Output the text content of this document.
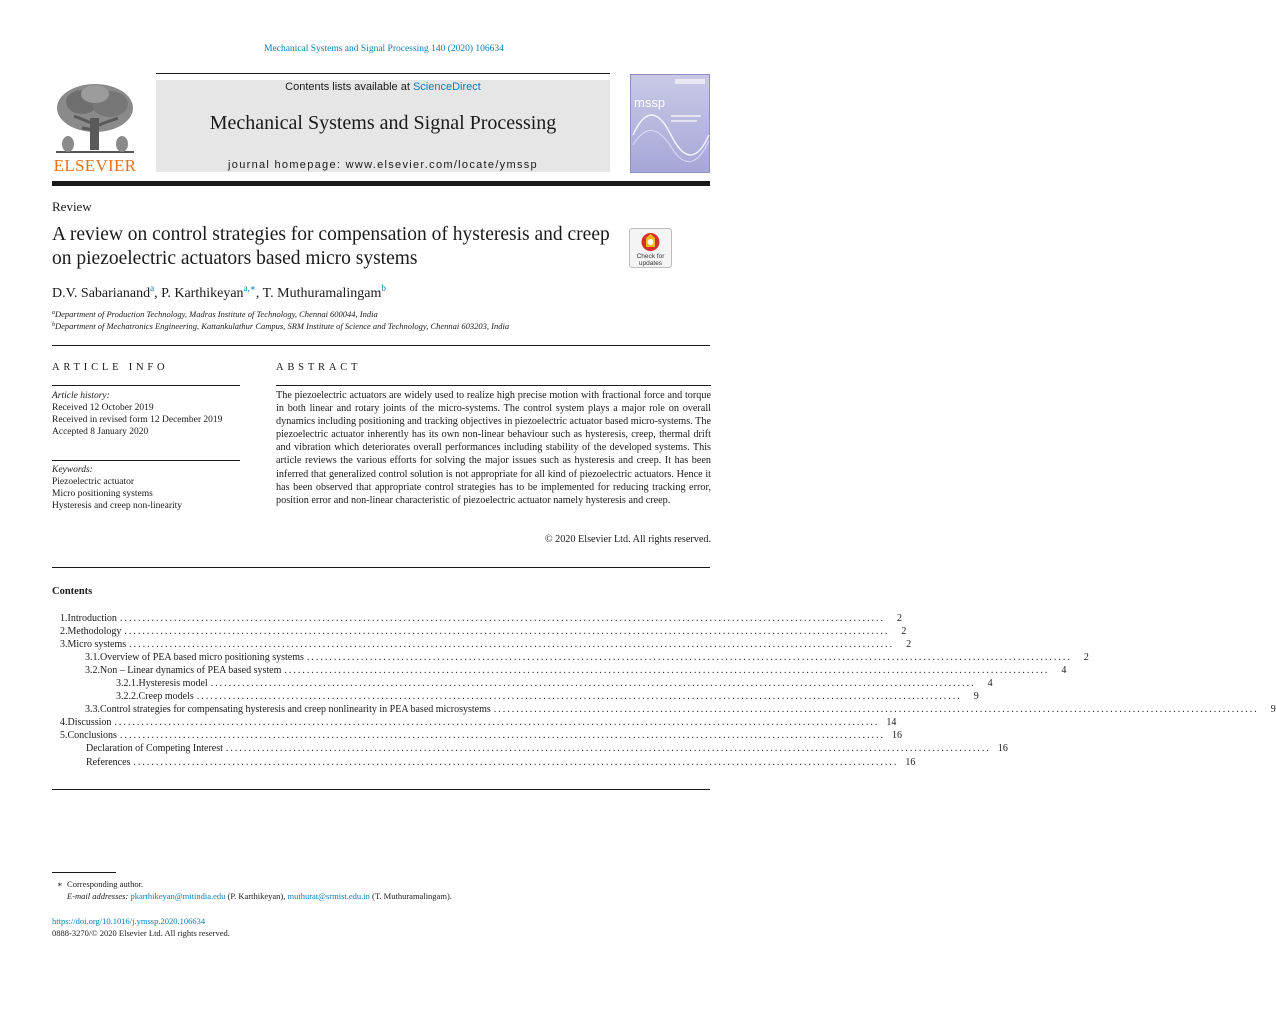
Mechanical Systems and Signal Processing 140 (2020) 106634
ELSEVIER
Contents lists available at ScienceDirect
Mechanical Systems and Signal Processing
journal homepage: www.elsevier.com/locate/ymssp
mssp
Review
A review on control strategies for compensation of hysteresis and creep on piezoelectric actuators based micro systems	Check for updates
D.V. Sabarianand$^a$, P. Karthikeyan$^{a,∗}$, T. Muthuramalingam$^b$
$^a$Department of Production Technology, Madras Institute of Technology, Chennai 600044, India
$^b$Department of Mechatronics Engineering, Kattankulathur Campus, SRM Institute of Science and Technology, Chennai 603203, India
ARTICLE INFO
Article history:
Received 12 October 2019
Received in revised form 12 December 2019
Accepted 8 January 2020
Keywords:
Piezoelectric actuator
Micro positioning systems
Hysteresis and creep non-linearity
ABSTRACT
The piezoelectric actuators are widely used to realize high precise motion with fractional force and torque in both linear and rotary joints of the micro-systems. The control system plays a major role on overall dynamics including positioning and tracking objectives in piezoelectric actuator based micro-systems. The piezoelectric actuator inherently has its own non-linear behaviour such as hysteresis, creep, thermal drift and vibration which deteriorates overall performances including stability of the developed systems. This article reviews the various efforts for solving the major issues such as hysteresis and creep. It has been inferred that generalized control solution is not appropriate for all kind of piezoelectric actuators. Hence it has been observed that appropriate control strategies has to be implemented for reducing tracking error, position error and non-linear characteristic of piezoelectric actuator namely hysteresis and creep.
© 2020 Elsevier Ltd. All rights reserved.
Contents
1. Introduction ..........................................................................................................................................................................	2
2. Methodology ..........................................................................................................................................................................	2
3. Micro systems ..........................................................................................................................................................................	2
3.1. Overview of PEA based micro positioning systems ..........................................................................................................................................................................	2
3.2. Non – Linear dynamics of PEA based system ..........................................................................................................................................................................	4
3.2.1. Hysteresis model ..........................................................................................................................................................................	4
3.2.2. Creep models ..........................................................................................................................................................................	9
3.3. Control strategies for compensating hysteresis and creep nonlinearity in PEA based microsystems ..........................................................................................................................................................................	9
4. Discussion .......................................................................................................................................................................... 14
5. Conclusions .......................................................................................................................................................................... 16
Declaration of Competing Interest .......................................................................................................................................................................... 16
References .......................................................................................................................................................................... 16
∗ Corresponding author.
E-mail addresses: pkarthikeyan@mitindia.edu (P. Karthikeyan), muthurat@srmist.edu.in (T. Muthuramalingam).
https://doi.org/10.1016/j.ymssp.2020.106634
0888-3270/© 2020 Elsevier Ltd. All rights reserved.
